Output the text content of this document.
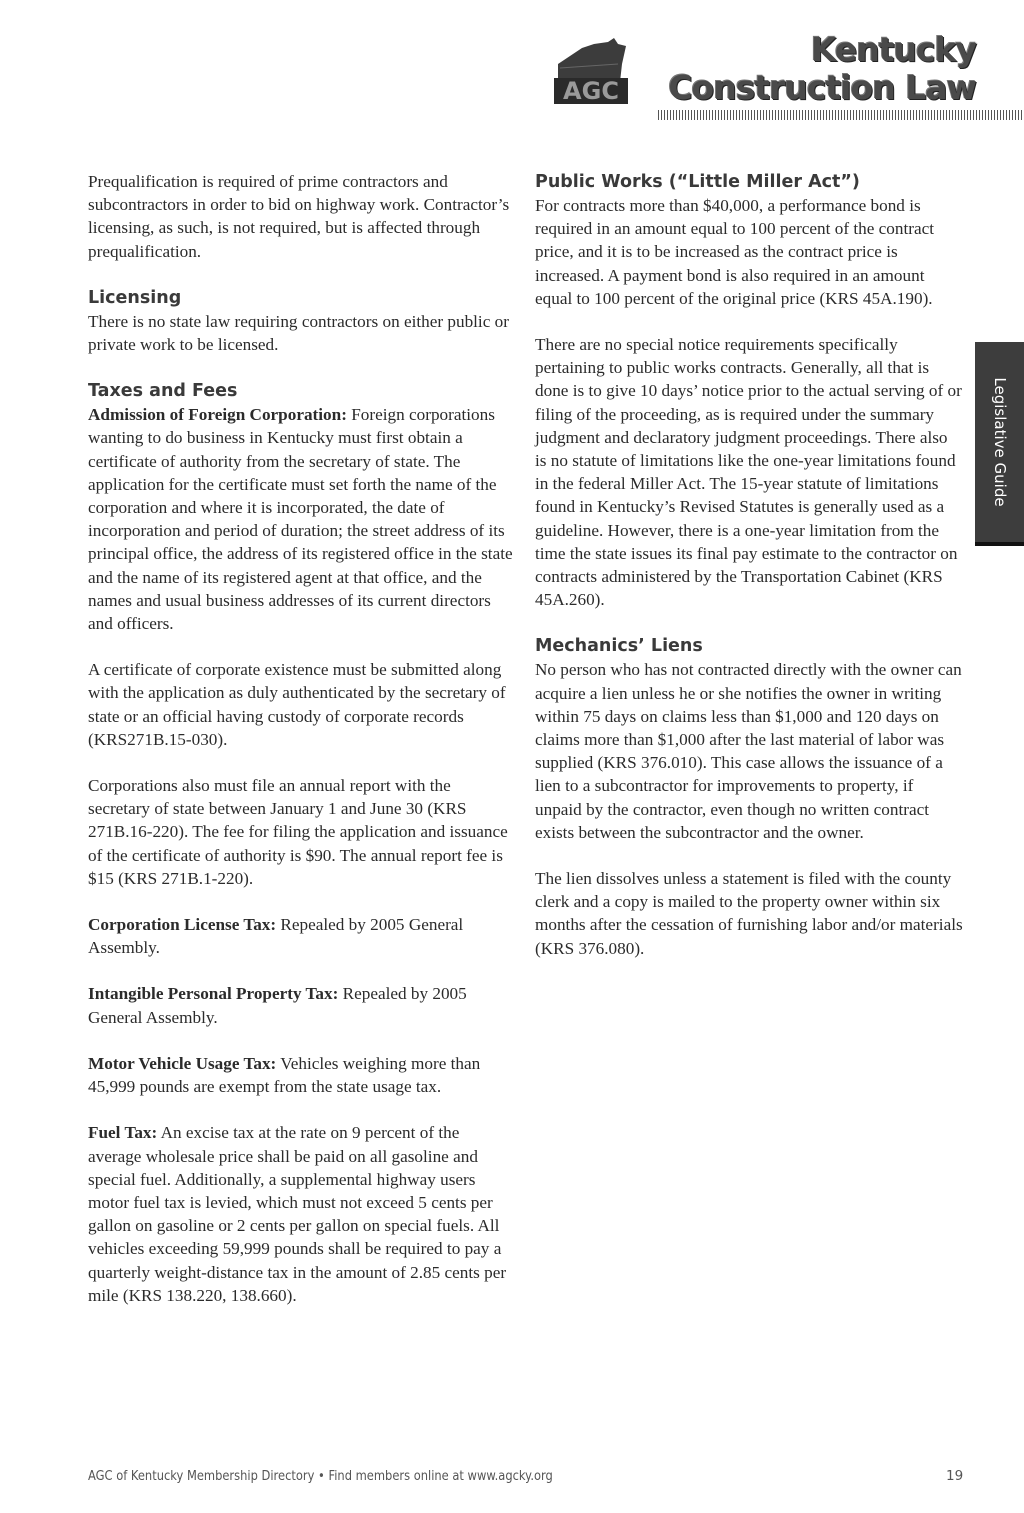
AGC
Kentucky
Construction Law
Legislative Guide

Prequalification is required of prime contractors and subcontractors in order to bid on highway work. Contractor’s licensing, as such, is not required, but is affected through prequalification.

Licensing

There is no state law requiring contractors on either public or private work to be licensed.

Taxes and Fees

Admission of Foreign Corporation: Foreign corporations wanting to do business in Kentucky must first obtain a certificate of authority from the secretary of state. The application for the certificate must set forth the name of the corporation and where it is incorporated, the date of incorporation and period of duration; the street address of its principal office, the address of its registered office in the state and the name of its registered agent at that office, and the names and usual business addresses of its current directors and officers.

A certificate of corporate existence must be submitted along with the application as duly authenticated by the secretary of state or an official having custody of corporate records (KRS271B.15-030).

Corporations also must file an annual report with the secretary of state between January 1 and June 30 (KRS 271B.16-220). The fee for filing the application and issuance of the certificate of authority is $90. The annual report fee is $15 (KRS 271B.1-220).

Corporation License Tax: Repealed by 2005 General Assembly.

Intangible Personal Property Tax: Repealed by 2005 General Assembly.

Motor Vehicle Usage Tax: Vehicles weighing more than 45,999 pounds are exempt from the state usage tax.

Fuel Tax: An excise tax at the rate on 9 percent of the average wholesale price shall be paid on all gasoline and special fuel. Additionally, a supplemental highway users motor fuel tax is levied, which must not exceed 5 cents per gallon on gasoline or 2 cents per gallon on special fuels. All vehicles exceeding 59,999 pounds shall be required to pay a quarterly weight-distance tax in the amount of 2.85 cents per mile (KRS 138.220, 138.660).

Public Works (“Little Miller Act”)

For contracts more than $40,000, a performance bond is required in an amount equal to 100 percent of the contract price, and it is to be increased as the contract price is increased. A payment bond is also required in an amount equal to 100 percent of the original price (KRS 45A.190).

There are no special notice requirements specifically pertaining to public works contracts. Generally, all that is done is to give 10 days’ notice prior to the actual serving of or filing of the proceeding, as is required under the summary judgment and declaratory judgment proceedings. There also is no statute of limitations like the one-year limitations found in the federal Miller Act. The 15-year statute of limitations found in Kentucky’s Revised Statutes is generally used as a guideline. However, there is a one-year limitation from the time the state issues its final pay estimate to the contractor on contracts administered by the Transportation Cabinet (KRS 45A.260).

Mechanics’ Liens

No person who has not contracted directly with the owner can acquire a lien unless he or she notifies the owner in writing within 75 days on claims less than $1,000 and 120 days on claims more than $1,000 after the last material of labor was supplied (KRS 376.010). This case allows the issuance of a lien to a subcontractor for improvements to property, if unpaid by the contractor, even though no written contract exists between the subcontractor and the owner.

The lien dissolves unless a statement is filed with the county clerk and a copy is mailed to the property owner within six months after the cessation of furnishing labor and/or materials (KRS 376.080).

AGC of Kentucky Membership Directory • Find members online at www.agcky.org	19
